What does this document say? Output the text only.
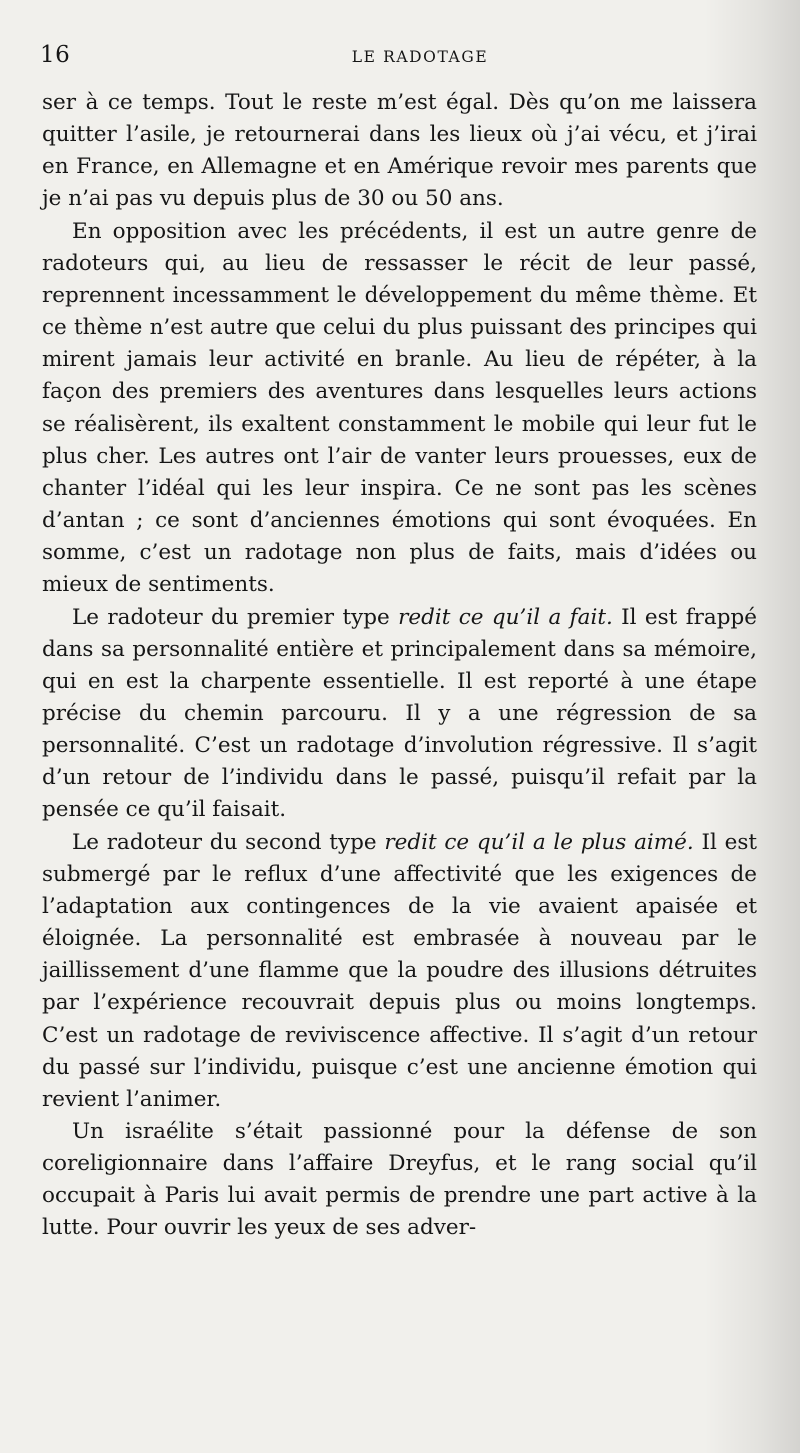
16	LE RADOTAGE

ser à ce temps. Tout le reste m’est égal. Dès qu’on me laissera quitter l’asile, je retournerai dans les lieux où j’ai vécu, et j’irai en France, en Allemagne et en Amérique revoir mes parents que je n’ai pas vu depuis plus de 30 ou 50 ans.

En opposition avec les précédents, il est un autre genre de radoteurs qui, au lieu de ressasser le récit de leur passé, reprennent incessamment le développement du même thème. Et ce thème n’est autre que celui du plus puissant des principes qui mirent jamais leur activité en branle. Au lieu de répéter, à la façon des premiers des aventures dans lesquelles leurs actions se réalisèrent, ils exaltent constamment le mobile qui leur fut le plus cher. Les autres ont l’air de vanter leurs prouesses, eux de chanter l’idéal qui les leur inspira. Ce ne sont pas les scènes d’antan ; ce sont d’anciennes émotions qui sont évoquées. En somme, c’est un radotage non plus de faits, mais d’idées ou mieux de sentiments.

Le radoteur du premier type redit ce qu’il a fait. Il est frappé dans sa personnalité entière et principalement dans sa mémoire, qui en est la charpente essentielle. Il est reporté à une étape précise du chemin parcouru. Il y a une régression de sa personnalité. C’est un radotage d’involution régressive. Il s’agit d’un retour de l’individu dans le passé, puisqu’il refait par la pensée ce qu’il faisait.

Le radoteur du second type redit ce qu’il a le plus aimé. Il est submergé par le reflux d’une affectivité que les exigences de l’adaptation aux contingences de la vie avaient apaisée et éloignée. La personnalité est embrasée à nouveau par le jaillissement d’une flamme que la poudre des illusions détruites par l’expérience recouvrait depuis plus ou moins longtemps. C’est un radotage de reviviscence affective. Il s’agit d’un retour du passé sur l’individu, puisque c’est une ancienne émotion qui revient l’animer.

Un israélite s’était passionné pour la défense de son coreligionnaire dans l’affaire Dreyfus, et le rang social qu’il occupait à Paris lui avait permis de prendre une part active à la lutte. Pour ouvrir les yeux de ses adver-
